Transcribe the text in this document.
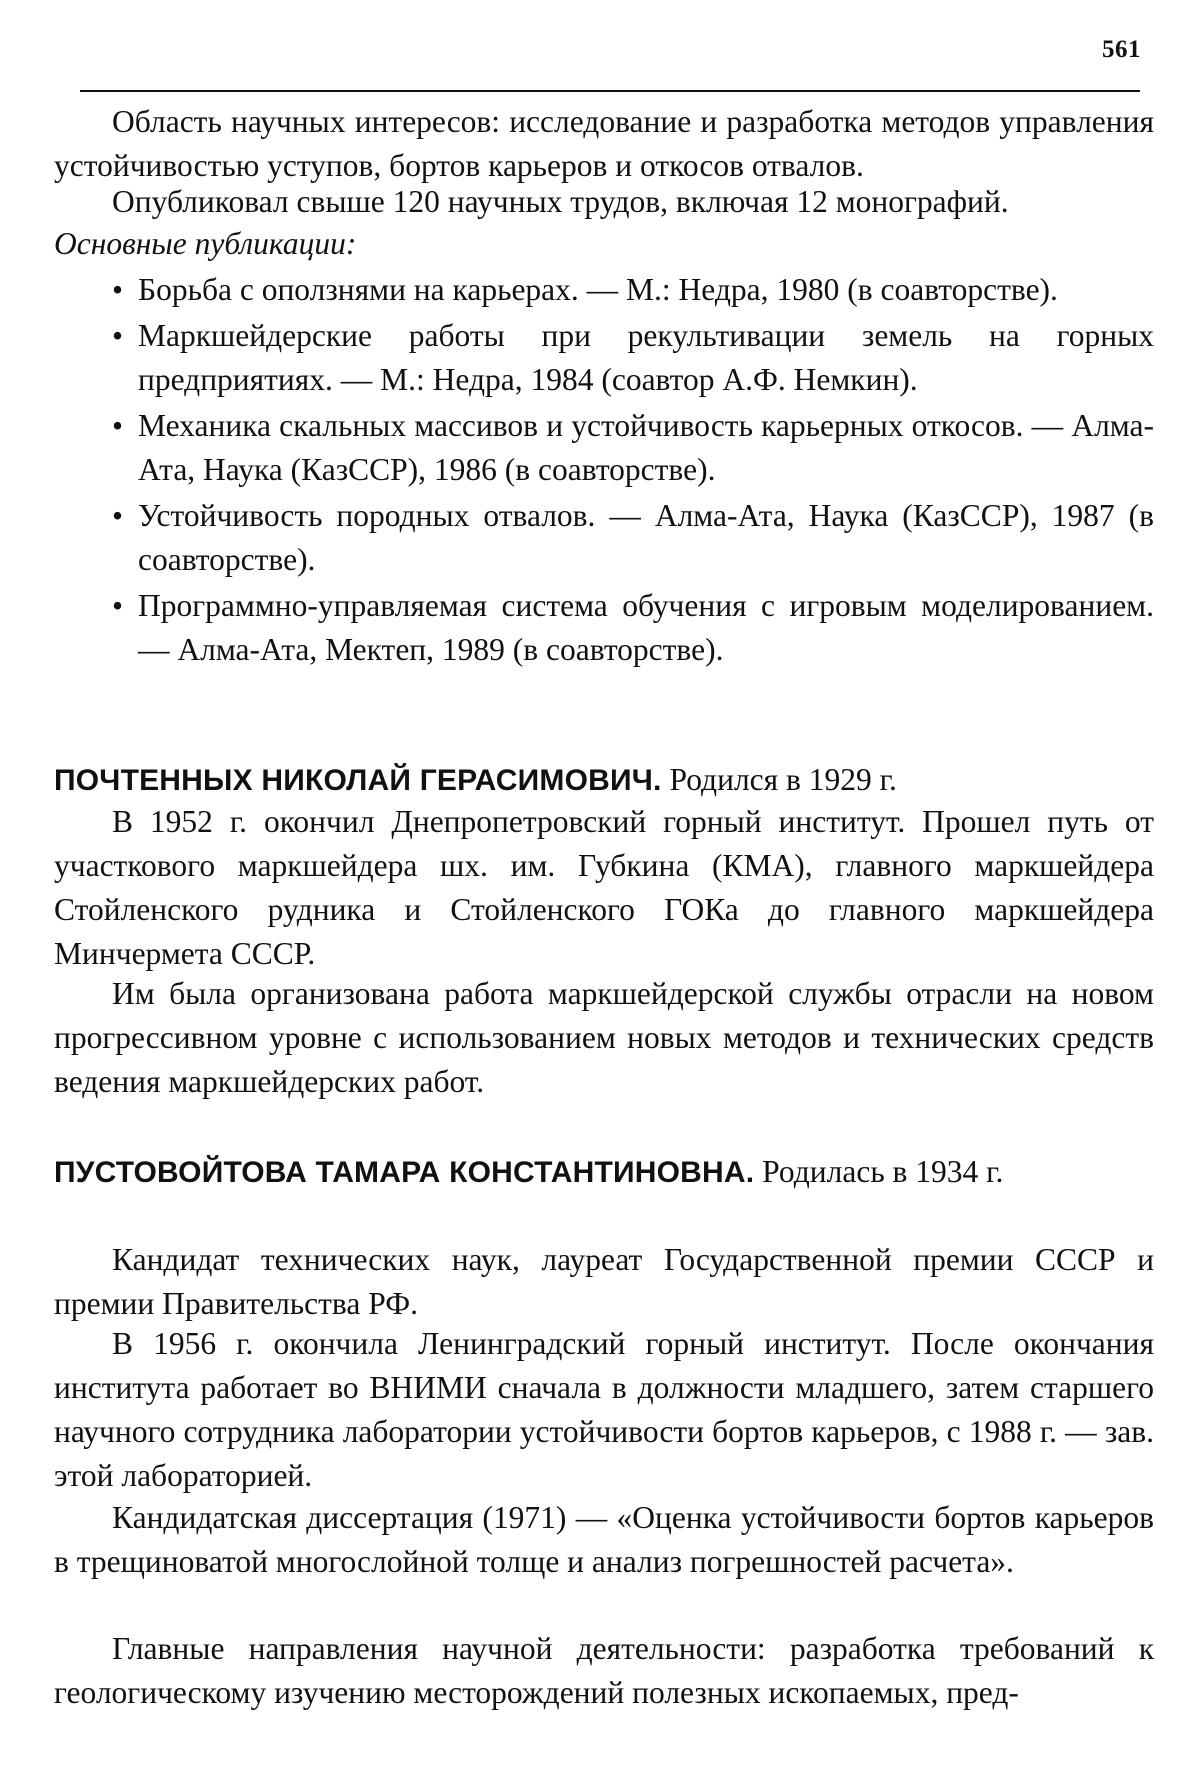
561

Область научных интересов: исследование и разработка методов управления устойчивостью уступов, бортов карьеров и откосов отвалов.

Опубликовал свыше 120 научных трудов, включая 12 монографий.

Основные публикации:

• Борьба с оползнями на карьерах. — М.: Недра, 1980 (в соавторстве).
• Маркшейдерские работы при рекультивации земель на горных предприятиях. — М.: Недра, 1984 (соавтор А.Ф. Немкин).
• Механика скальных массивов и устойчивость карьерных откосов. — Алма-Ата, Наука (КазССР), 1986 (в соавторстве).
• Устойчивость породных отвалов. — Алма-Ата, Наука (КазССР), 1987 (в соавторстве).
• Программно-управляемая система обучения с игровым моделированием. — Алма-Ата, Мектеп, 1989 (в соавторстве).

ПОЧТЕННЫХ НИКОЛАЙ ГЕРАСИМОВИЧ. Родился в 1929 г.

В 1952 г. окончил Днепропетровский горный институт. Прошел путь от участкового маркшейдера шх. им. Губкина (КМА), главного маркшейдера Стойленского рудника и Стойленского ГОКа до главного маркшейдера Минчермета СССР.

Им была организована работа маркшейдерской службы отрасли на новом прогрессивном уровне с использованием новых методов и технических средств ведения маркшейдерских работ.

ПУСТОВОЙТОВА ТАМАРА КОНСТАНТИНОВНА. Родилась в 1934 г.

Кандидат технических наук, лауреат Государственной премии СССР и премии Правительства РФ.

В 1956 г. окончила Ленинградский горный институт. После окончания института работает во ВНИМИ сначала в должности младшего, затем старшего научного сотрудника лаборатории устойчивости бортов карьеров, с 1988 г. — зав. этой лабораторией.

Кандидатская диссертация (1971) — «Оценка устойчивости бортов карьеров в трещиноватой многослойной толще и анализ погрешностей расчета».

Главные направления научной деятельности: разработка требований к геологическому изучению месторождений полезных ископаемых, пред-
